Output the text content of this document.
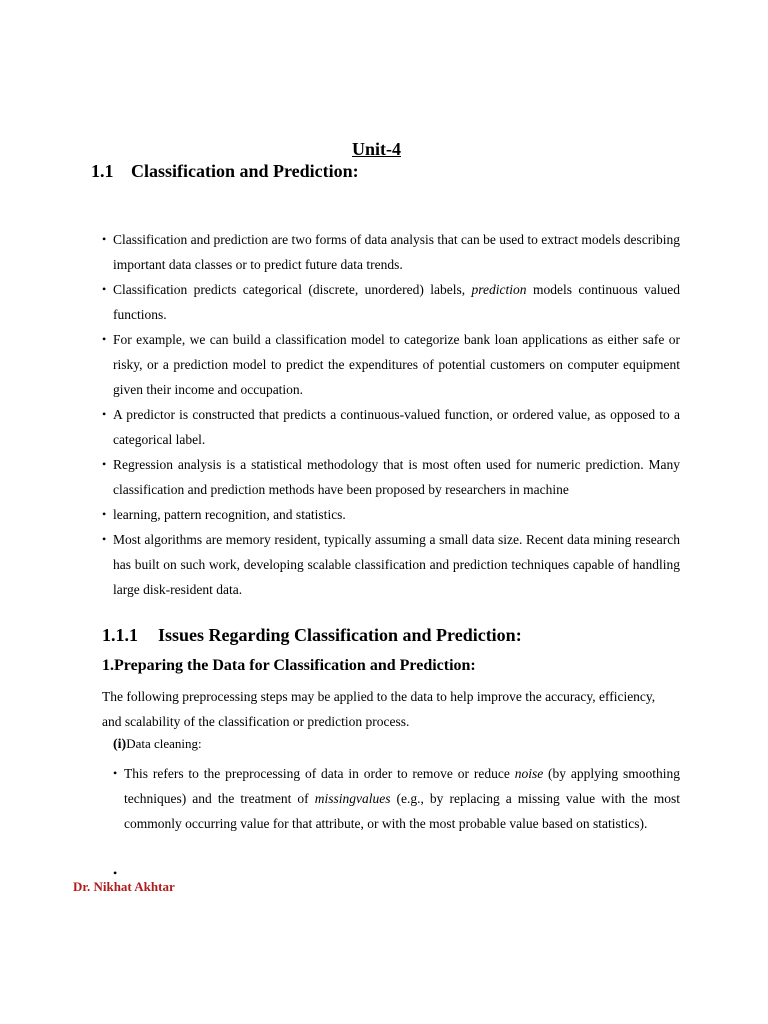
Unit-4
1.1 Classification and Prediction:
• Classification and prediction are two forms of data analysis that can be used to extract models describing important data classes or to predict future data trends.
• Classification predicts categorical (discrete, unordered) labels, prediction models continuous valued functions.
• For example, we can build a classification model to categorize bank loan applications as either safe or risky, or a prediction model to predict the expenditures of potential customers on computer equipment given their income and occupation.
• A predictor is constructed that predicts a continuous-valued function, or ordered value, as opposed to a categorical label.
• Regression analysis is a statistical methodology that is most often used for numeric prediction. Many classification and prediction methods have been proposed by researchers in machine
• learning, pattern recognition, and statistics.
• Most algorithms are memory resident, typically assuming a small data size. Recent data mining research has built on such work, developing scalable classification and prediction techniques capable of handling large disk-resident data.
1.1.1 Issues Regarding Classification and Prediction:
1.Preparing the Data for Classification and Prediction:

The following preprocessing steps may be applied to the data to help improve the accuracy, efficiency, and scalability of the classification or prediction process.

(i)Data cleaning:
• This refers to the preprocessing of data in order to remove or reduce noise (by applying smoothing techniques) and the treatment of missingvalues (e.g., by replacing a missing value with the most commonly occurring value for that attribute, or with the most probable value based on statistics).
•
Dr. Nikhat Akhtar
